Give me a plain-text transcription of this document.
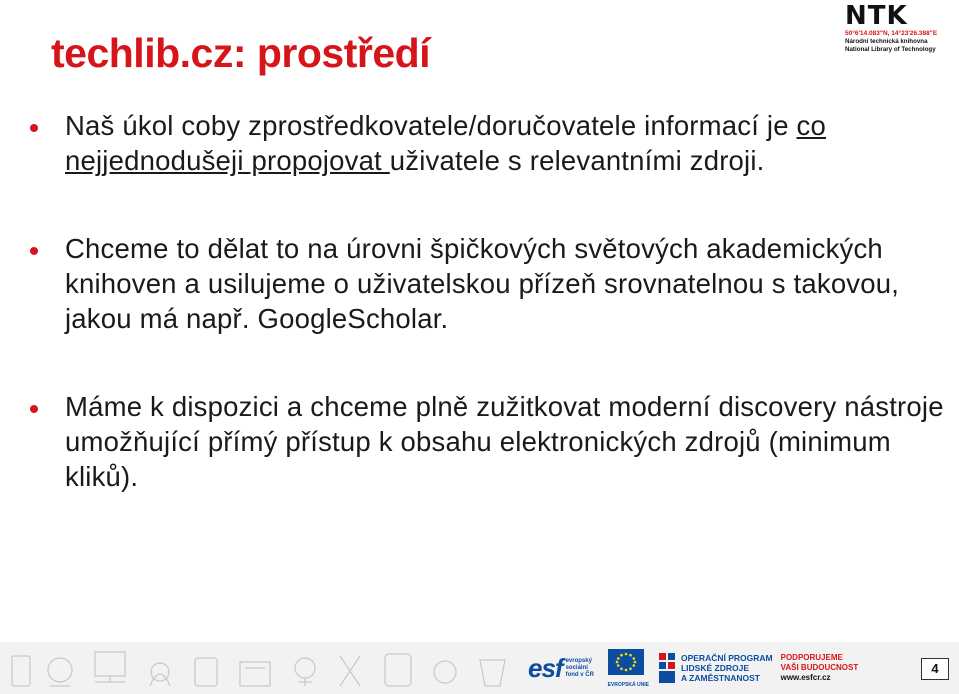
techlib.cz: prostředí
NTK
50°6'14.083"N, 14°23'26.388"E
Národní technická knihovna
National Library of Technology
Naš úkol coby zprostředkovatele/doručovatele informací je co nejjednodušeji propojovat uživatele s relevantními zdroji.
Chceme to dělat to na úrovni špičkových světových akademických knihoven a usilujeme o uživatelskou přízeň srovnatelnou s takovou, jakou má např. GoogleScholar.
Máme k dispozici a chceme plně zužitkovat moderní discovery nástroje umožňující přímý přístup k obsahu elektronických zdrojů (minimum kliků).
esf evropský
sociální
fond v ČR
EVROPSKÁ UNIE
OPERAČNÍ PROGRAM
LIDSKÉ ZDROJE
A ZAMĚSTNANOST
PODPORUJEME
VAŠI BUDOUCNOST
www.esfcr.cz
4
